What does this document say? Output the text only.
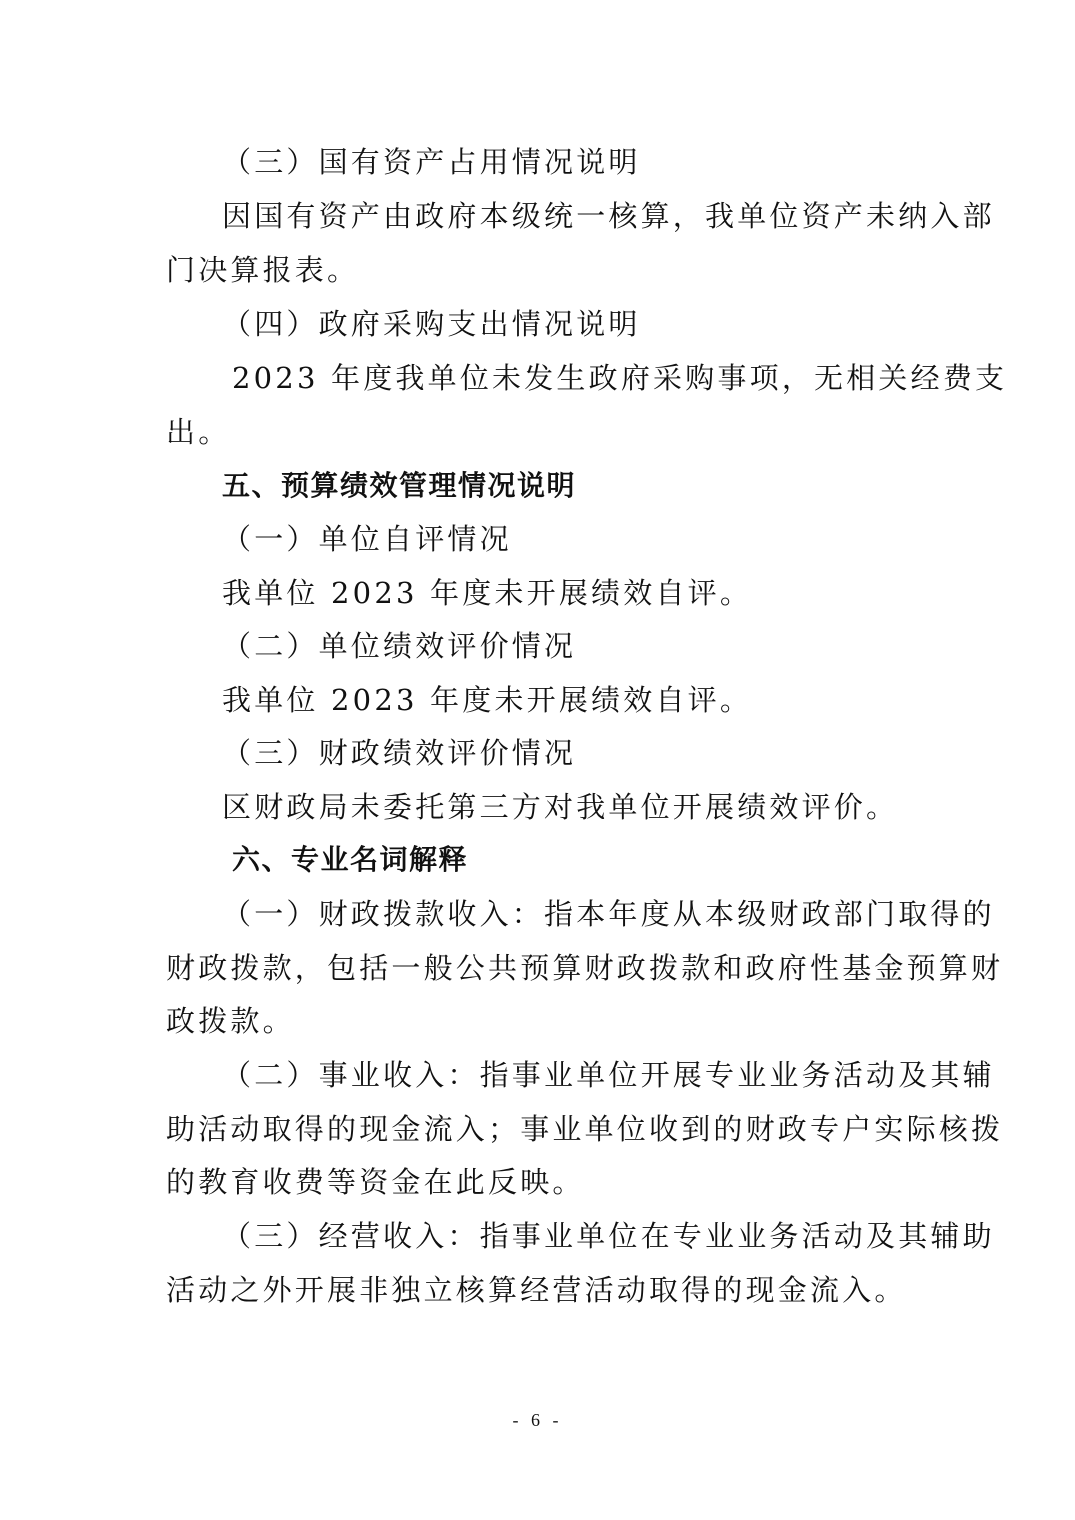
（三）国有资产占用情况说明
因国有资产由政府本级统一核算，我单位资产未纳入部
门决算报表。
（四）政府采购支出情况说明
2023 年度我单位未发生政府采购事项，无相关经费支
出。
五、预算绩效管理情况说明
（一）单位自评情况
我单位 2023 年度未开展绩效自评。
（二）单位绩效评价情况
我单位 2023 年度未开展绩效自评。
（三）财政绩效评价情况
区财政局未委托第三方对我单位开展绩效评价。
六、专业名词解释
（一）财政拨款收入：指本年度从本级财政部门取得的
财政拨款，包括一般公共预算财政拨款和政府性基金预算财
政拨款。
（二）事业收入：指事业单位开展专业业务活动及其辅
助活动取得的现金流入；事业单位收到的财政专户实际核拨
的教育收费等资金在此反映。
（三）经营收入：指事业单位在专业业务活动及其辅助
活动之外开展非独立核算经营活动取得的现金流入。
- 6 -
